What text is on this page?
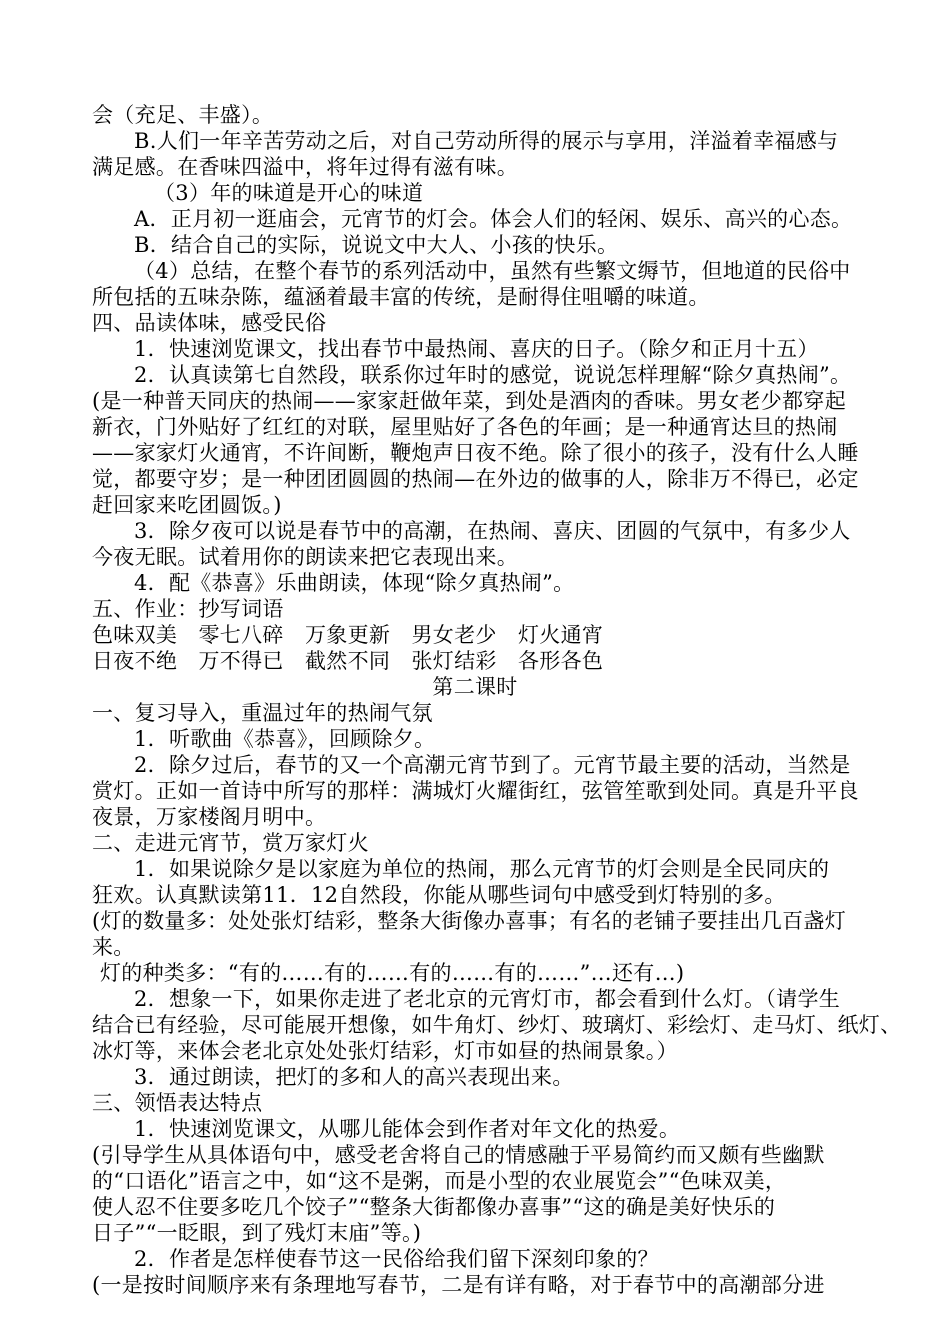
会（充足、丰盛）。
B.人们一年辛苦劳动之后，对自己劳动所得的展示与享用，洋溢着幸福感与
满足感。在香味四溢中，将年过得有滋有味。
（3）年的味道是开心的味道
A．正月初一逛庙会，元宵节的灯会。体会人们的轻闲、娱乐、高兴的心态。
B．结合自己的实际，说说文中大人、小孩的快乐。
（4）总结，在整个春节的系列活动中，虽然有些繁文缛节，但地道的民俗中
所包括的五味杂陈，蕴涵着最丰富的传统，是耐得住咀嚼的味道。
四、品读体味，感受民俗
1．快速浏览课文，找出春节中最热闹、喜庆的日子。（除夕和正月十五）
2．认真读第七自然段，联系你过年时的感觉，说说怎样理解“除夕真热闹”。
(是一种普天同庆的热闹——家家赶做年菜，到处是酒肉的香味。男女老少都穿起
新衣，门外贴好了红红的对联，屋里贴好了各色的年画；是一种通宵达旦的热闹
——家家灯火通宵，不许间断，鞭炮声日夜不绝。除了很小的孩子，没有什么人睡
觉，都要守岁；是一种团团圆圆的热闹—在外边的做事的人，除非万不得已，必定
赶回家来吃团圆饭。)
3．除夕夜可以说是春节中的高潮，在热闹、喜庆、团圆的气氛中，有多少人
今夜无眠。试着用你的朗读来把它表现出来。
4．配《恭喜》乐曲朗读，体现“除夕真热闹”。
五、作业：抄写词语
色味双美　零七八碎　万象更新　男女老少　灯火通宵
日夜不绝　万不得已　截然不同　张灯结彩　各形各色
第二课时
一、复习导入，重温过年的热闹气氛
1．听歌曲《恭喜》，回顾除夕。
2．除夕过后，春节的又一个高潮元宵节到了。元宵节最主要的活动，当然是
赏灯。正如一首诗中所写的那样：满城灯火耀街红，弦管笙歌到处同。真是升平良
夜景，万家楼阁月明中。
二、走进元宵节，赏万家灯火
1．如果说除夕是以家庭为单位的热闹，那么元宵节的灯会则是全民同庆的
狂欢。认真默读第11．12自然段，你能从哪些词句中感受到灯特别的多。
(灯的数量多：处处张灯结彩，整条大街像办喜事；有名的老铺子要挂出几百盏灯
来。
灯的种类多：“有的……有的……有的……有的……”…还有…)
2．想象一下，如果你走进了老北京的元宵灯市，都会看到什么灯。（请学生
结合已有经验，尽可能展开想像，如牛角灯、纱灯、玻璃灯、彩绘灯、走马灯、纸灯、
冰灯等，来体会老北京处处张灯结彩，灯市如昼的热闹景象。）
3．通过朗读，把灯的多和人的高兴表现出来。
三、领悟表达特点
1．快速浏览课文，从哪儿能体会到作者对年文化的热爱。
(引导学生从具体语句中，感受老舍将自己的情感融于平易简约而又颇有些幽默
的“口语化”语言之中，如“这不是粥，而是小型的农业展览会”“色味双美，
使人忍不住要多吃几个饺子”“整条大街都像办喜事”“这的确是美好快乐的
日子”“一眨眼，到了残灯末庙”等。)
2．作者是怎样使春节这一民俗给我们留下深刻印象的？
(一是按时间顺序来有条理地写春节，二是有详有略，对于春节中的高潮部分进
